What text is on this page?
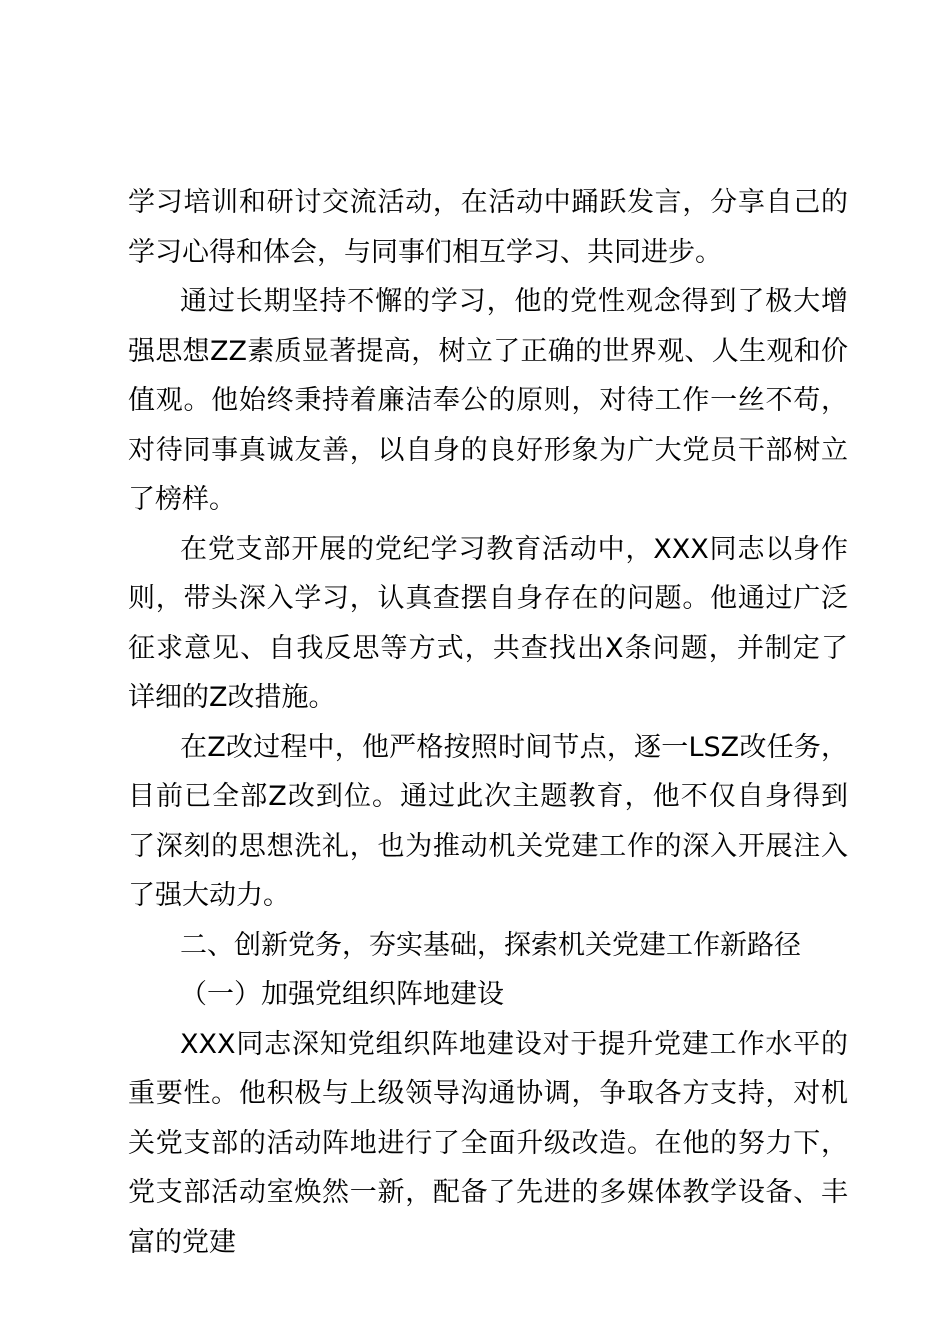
学习培训和研讨交流活动，在活动中踊跃发言，分享自己的学习心得和体会，与同事们相互学习、共同进步。

通过长期坚持不懈的学习，他的党性观念得到了极大增强思想ZZ素质显著提高，树立了正确的世界观、人生观和价值观。他始终秉持着廉洁奉公的原则，对待工作一丝不苟，对待同事真诚友善，以自身的良好形象为广大党员干部树立了榜样。

在党支部开展的党纪学习教育活动中，XXX同志以身作则，带头深入学习，认真查摆自身存在的问题。他通过广泛征求意见、自我反思等方式，共查找出X条问题，并制定了详细的Z改措施。

在Z改过程中，他严格按照时间节点，逐一LSZ改任务，目前已全部Z改到位。通过此次主题教育，他不仅自身得到了深刻的思想洗礼，也为推动机关党建工作的深入开展注入了强大动力。

二、创新党务，夯实基础，探索机关党建工作新路径

（一）加强党组织阵地建设

XXX同志深知党组织阵地建设对于提升党建工作水平的重要性。他积极与上级领导沟通协调，争取各方支持，对机关党支部的活动阵地进行了全面升级改造。在他的努力下，党支部活动室焕然一新，配备了先进的多媒体教学设备、丰富的党建
